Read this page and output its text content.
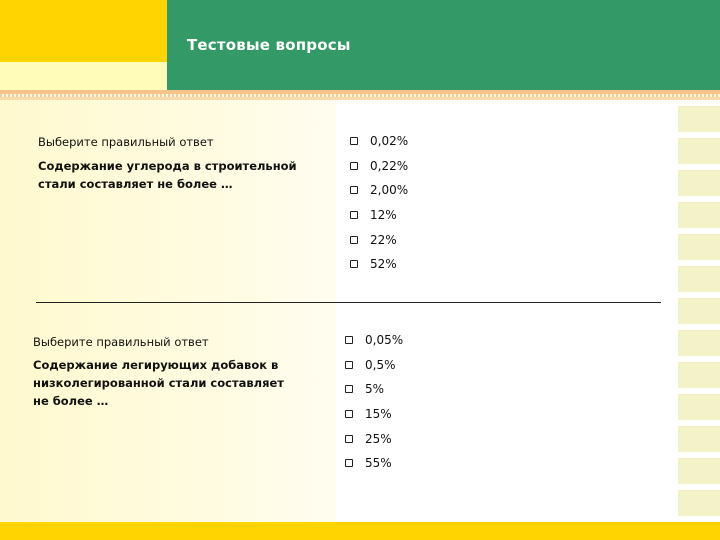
Тестовые вопросы
Выберите правильный ответ
Содержание углерода в строительной
стали составляет не более …
0,02%
0,22%
2,00%
12%
22%
52%
Выберите правильный ответ
Содержание легирующих добавок в
низколегированной стали составляет
не более …
0,05%
0,5%
5%
15%
25%
55%
